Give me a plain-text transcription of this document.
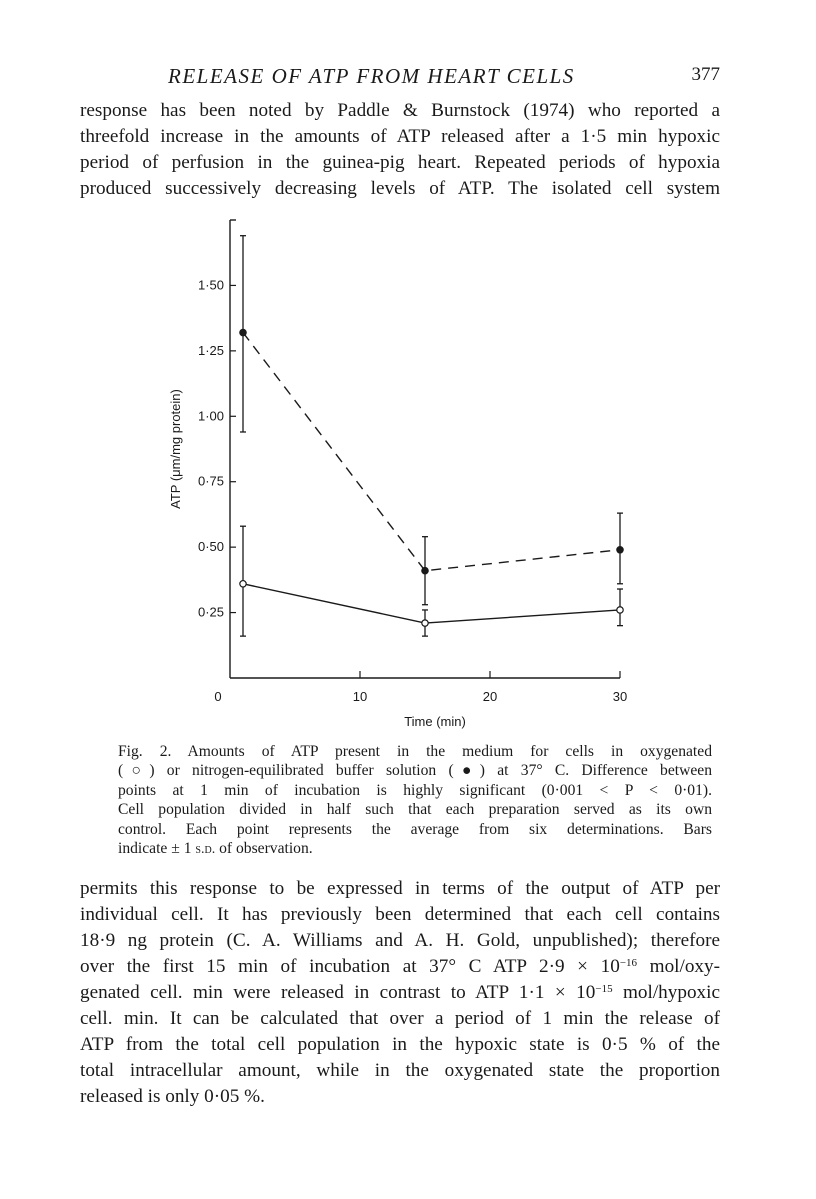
RELEASE OF ATP FROM HEART CELLS	377
response has been noted by Paddle & Burnstock (1974) who reported a
threefold increase in the amounts of ATP released after a 1·5 min hypoxic
period of perfusion in the guinea-pig heart. Repeated periods of hypoxia
produced successively decreasing levels of ATP. The isolated cell system
0·25
0·50
0·75
1·00
1·25
1·50
0	10	20	30
Time (min)
ATP (μm/mg protein)
Fig. 2. Amounts of ATP present in the medium for cells in oxygenated
(○) or nitrogen-equilibrated buffer solution (●) at 37° C. Difference between
points at 1 min of incubation is highly significant (0·001 < P < 0·01).
Cell population divided in half such that each preparation served as its own
control. Each point represents the average from six determinations. Bars
indicate ± 1 s.d. of observation.
permits this response to be expressed in terms of the output of ATP per
individual cell. It has previously been determined that each cell contains
18·9 ng protein (C. A. Williams and A. H. Gold, unpublished); therefore
over the first 15 min of incubation at 37° C ATP $2\cdot 9 \times 10^{-16}$ mol/oxy-
genated cell. min were released in contrast to ATP $1\cdot 1 \times 10^{-15}$ mol/hypoxic
cell. min. It can be calculated that over a period of 1 min the release of
ATP from the total cell population in the hypoxic state is 0·5 % of the
total intracellular amount, while in the oxygenated state the proportion
released is only 0·05 %.
